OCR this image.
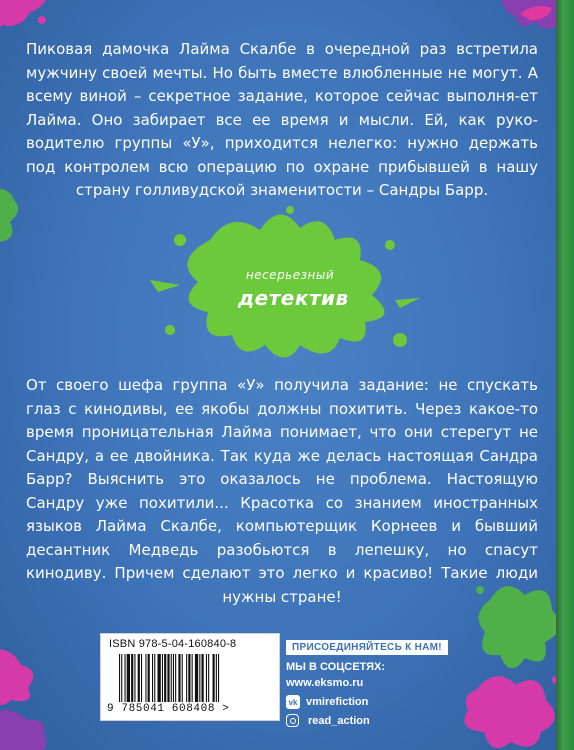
Пиковая дамочка Лайма Скалбе в очередной раз встретила мужчину своей мечты. Но быть вместе влюбленные не могут. А всему виной – секретное задание, которое сейчас выполня-ет Лайма. Оно забирает все ее время и мысли. Ей, как руко-водителю группы «У», приходится нелегко: нужно держать под контролем всю операцию по охране прибывшей в нашу страну голливудской знаменитости – Сандры Барр.

несерьезный
детектив

От своего шефа группа «У» получила задание: не спускать глаз с кинодивы, ее якобы должны похитить. Через какое-то время проницательная Лайма понимает, что они стерегут не Сандру, а ее двойника. Так куда же делась настоящая Сандра Барр? Выяснить это оказалось не проблема. Настоящую Сандру уже похитили... Красотка со знанием иностранных языков Лайма Скалбе, компьютерщик Корнеев и бывший десантник Медведь разобьются в лепешку, но спасут кинодиву. Причем сделают это легко и красиво! Такие люди нужны стране!

ISBN 978-5-04-160840-8
9 785041 608408 >
ПРИСОЕДИНЯЙТЕСЬ К НАМ!
МЫ В СОЦСЕТЯХ:
www.eksmo.ru
vk vmirefiction
read_action
